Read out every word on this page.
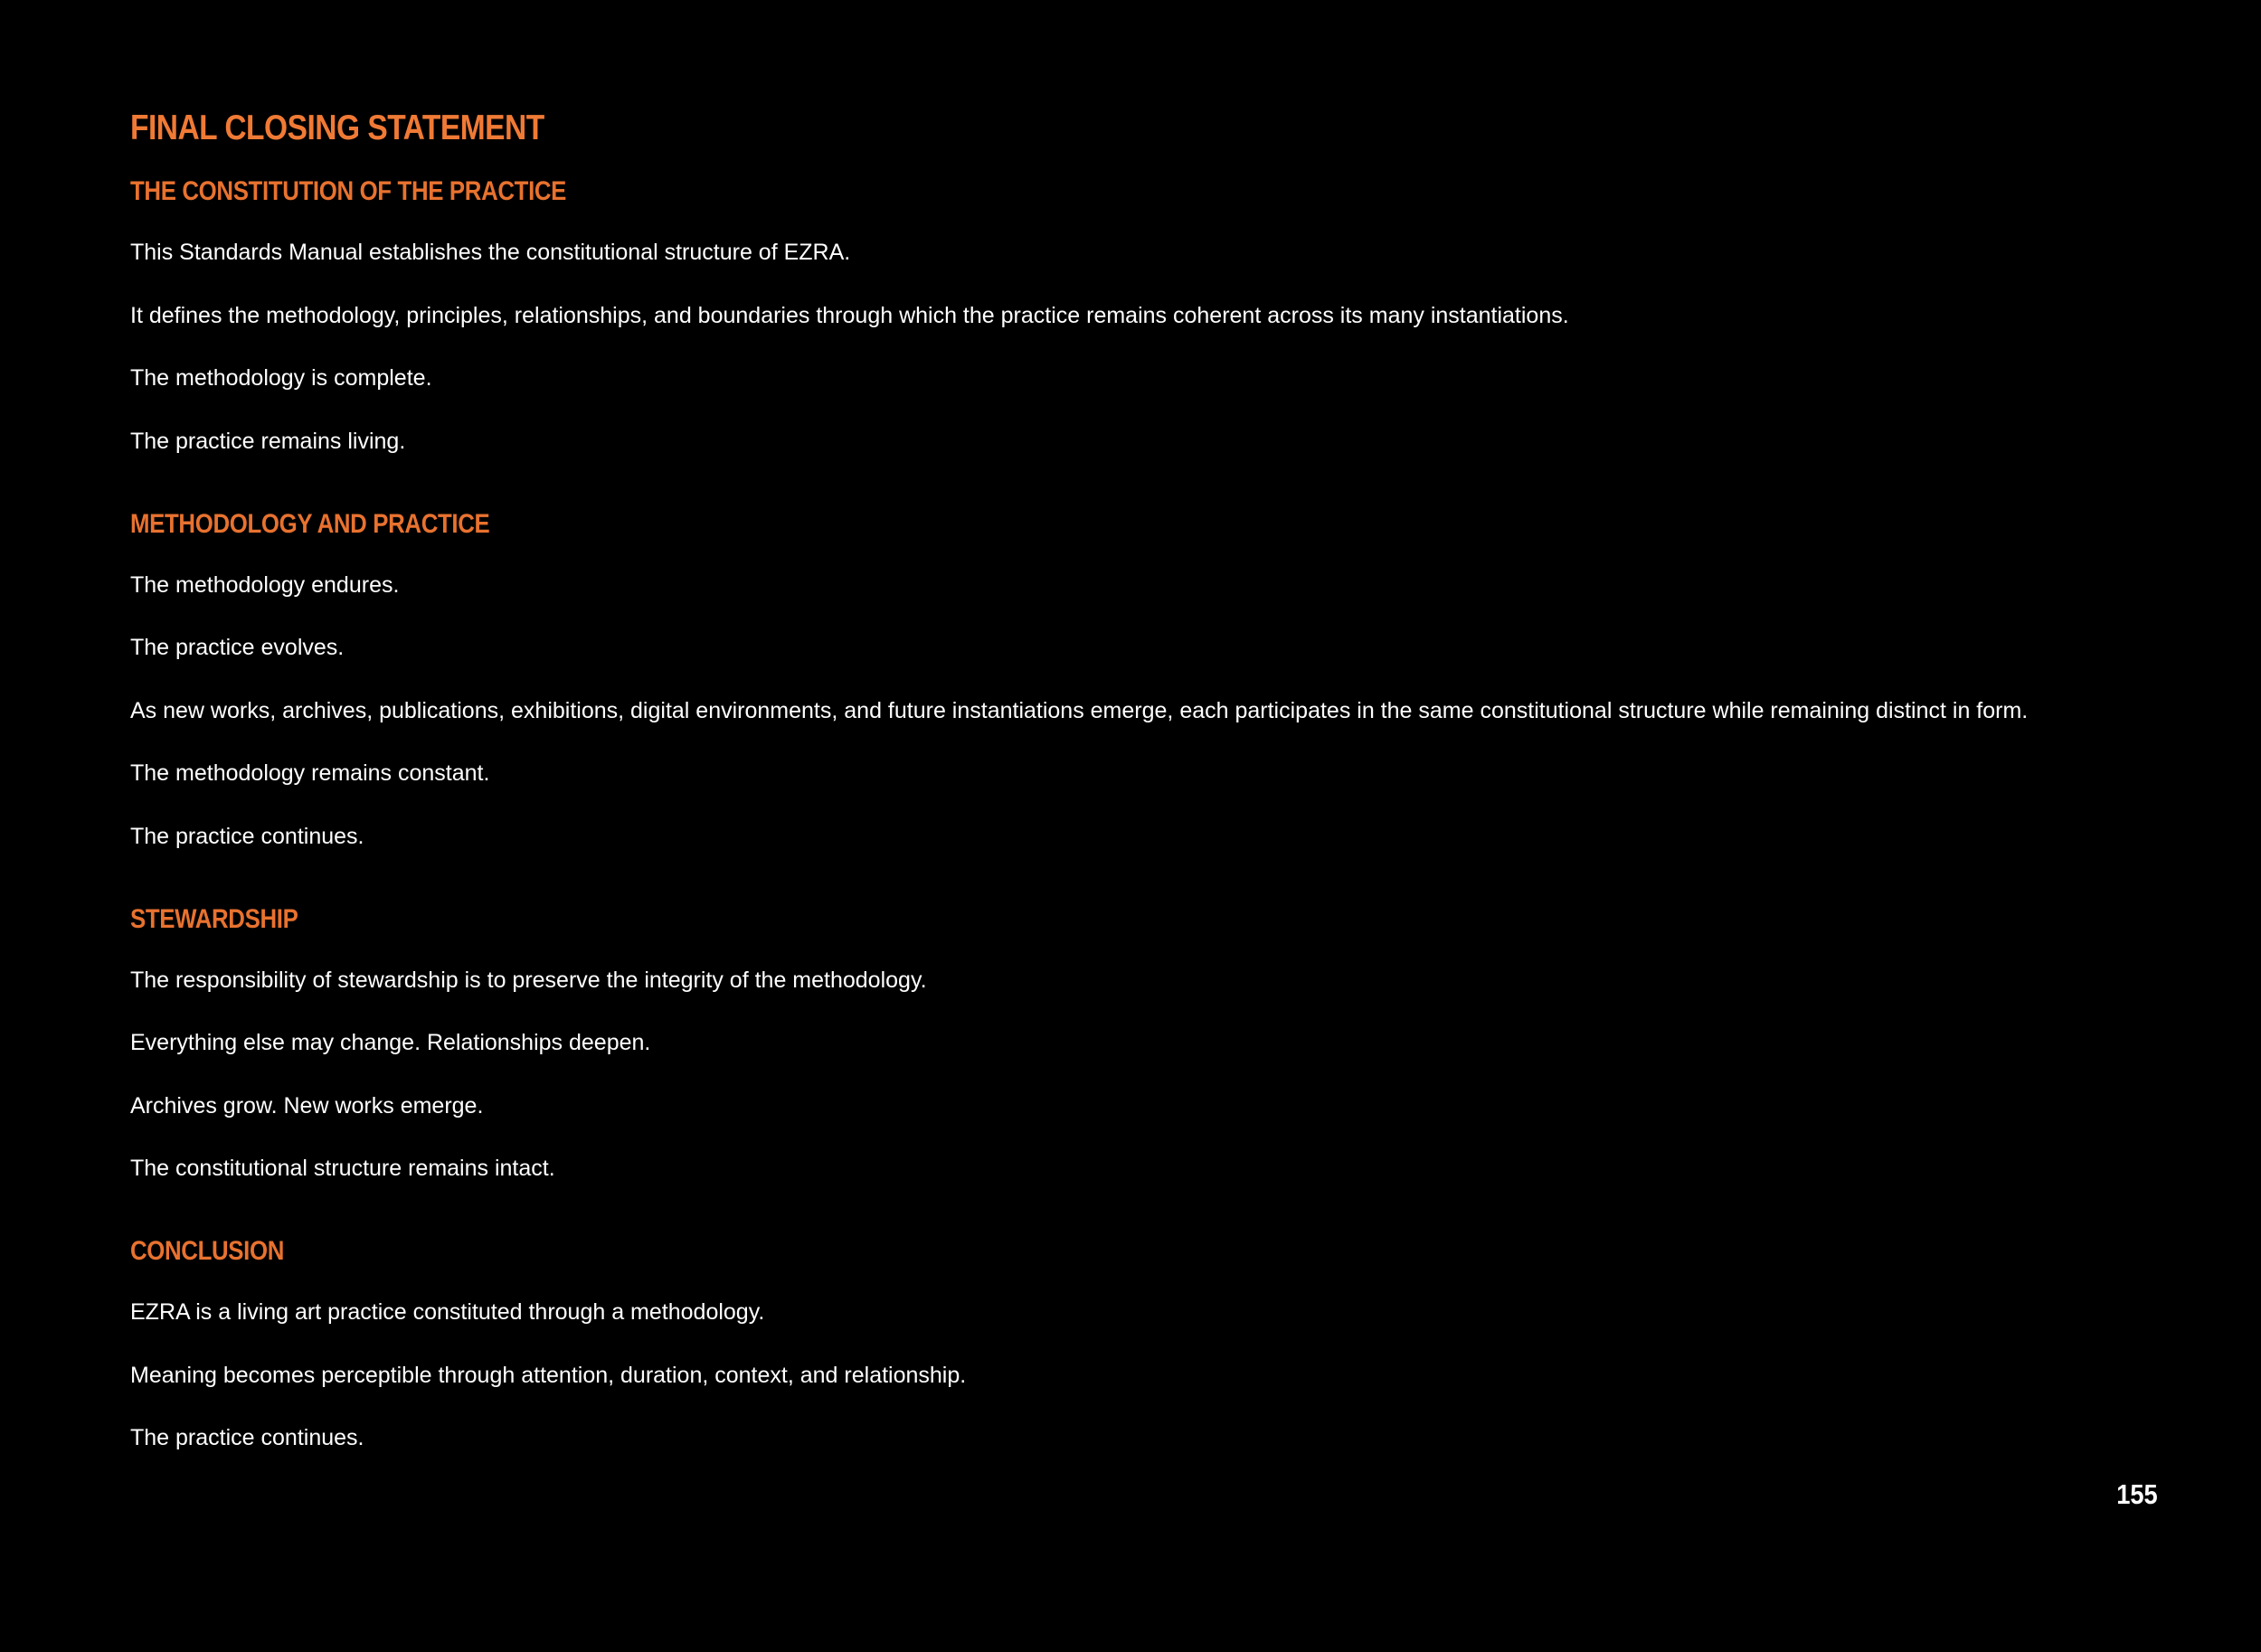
FINAL CLOSING STATEMENT
THE CONSTITUTION OF THE PRACTICE

This Standards Manual establishes the constitutional structure of EZRA.

It defines the methodology, principles, relationships, and boundaries through which the practice remains coherent across its many instantiations.

The methodology is complete.

The practice remains living.

METHODOLOGY AND PRACTICE

The methodology endures.

The practice evolves.

As new works, archives, publications, exhibitions, digital environments, and future instantiations emerge, each participates in the same constitutional structure while remaining distinct in form.

The methodology remains constant.

The practice continues.

STEWARDSHIP

The responsibility of stewardship is to preserve the integrity of the methodology.

Everything else may change. Relationships deepen.

Archives grow. New works emerge.

The constitutional structure remains intact.

CONCLUSION

EZRA is a living art practice constituted through a methodology.

Meaning becomes perceptible through attention, duration, context, and relationship.

The practice continues.

155
